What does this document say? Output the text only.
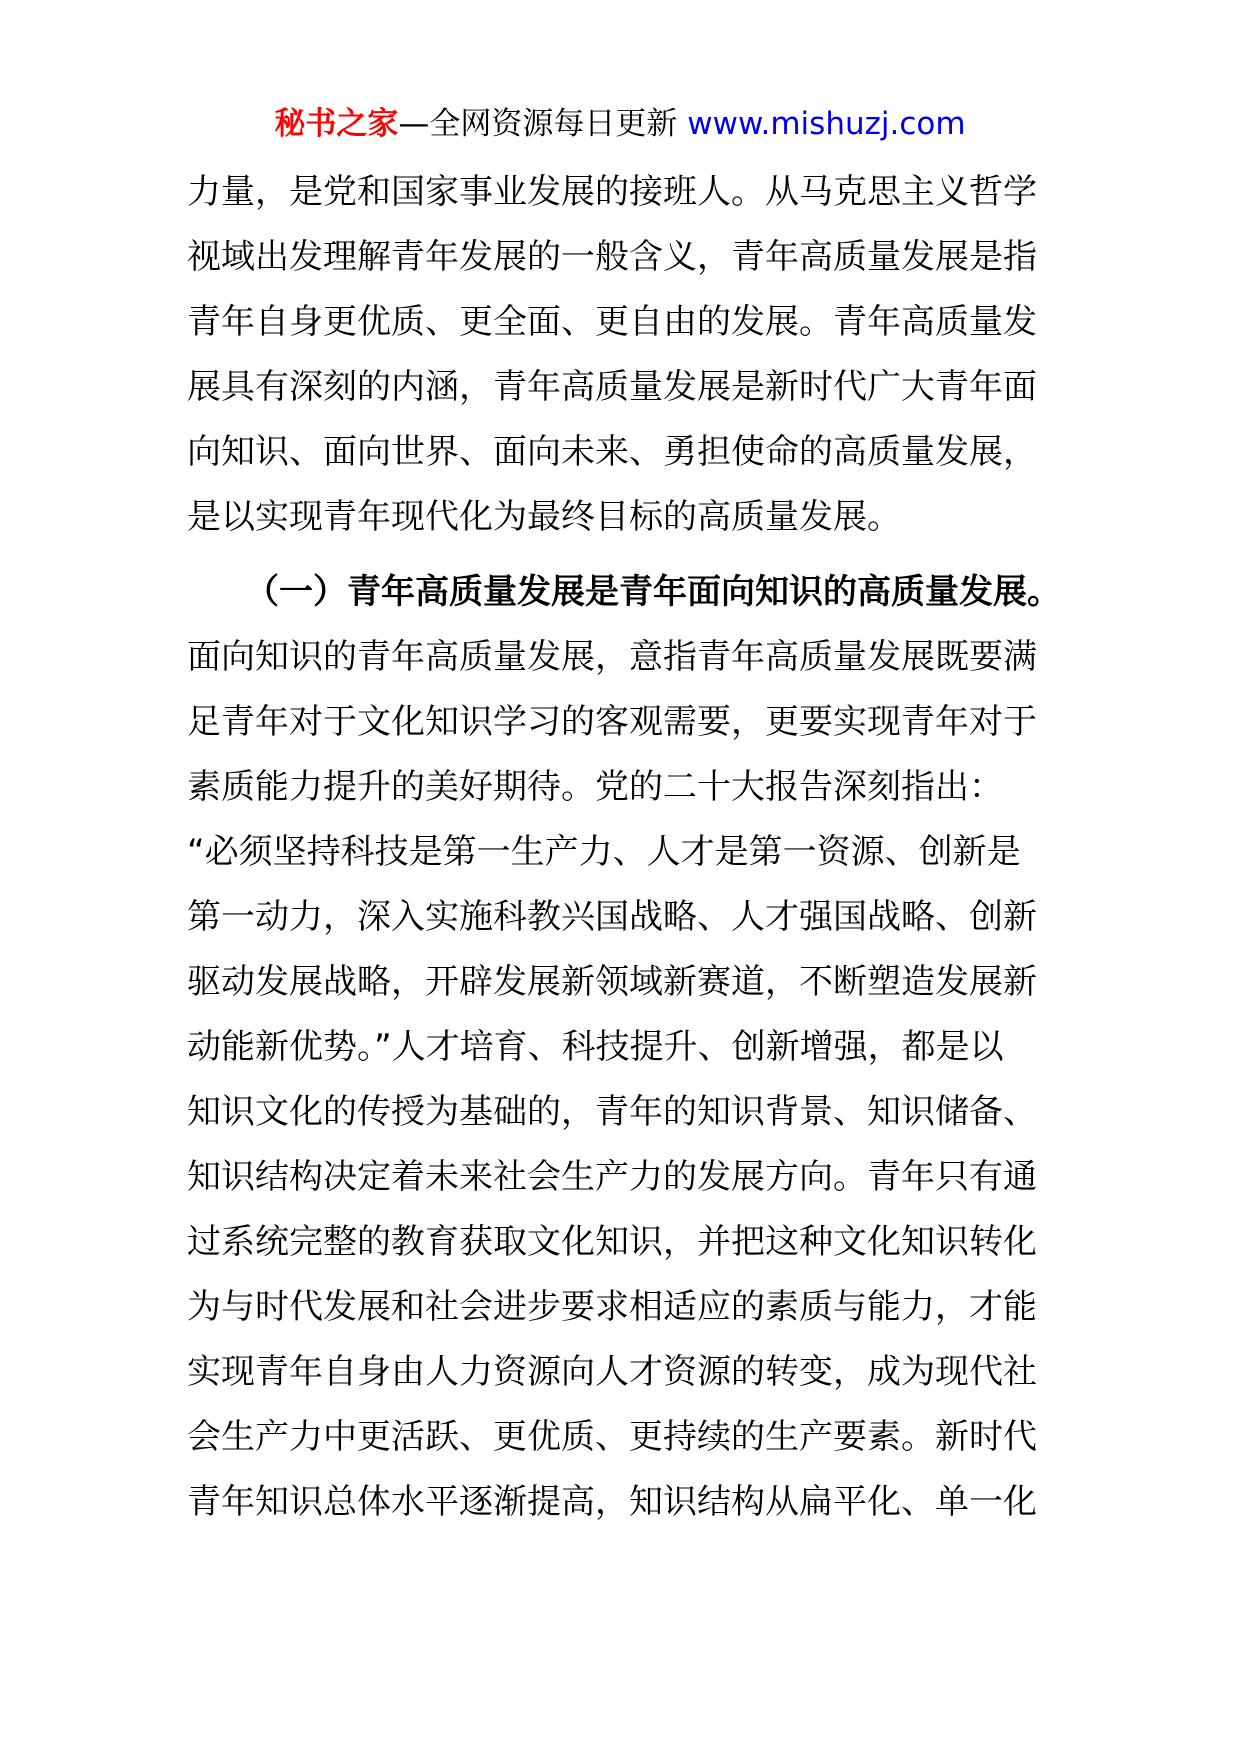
秘书之家—全网资源每日更新 www.mishuzj.com
力量，是党和国家事业发展的接班人。从马克思主义哲学
视域出发理解青年发展的一般含义，青年高质量发展是指
青年自身更优质、更全面、更自由的发展。青年高质量发
展具有深刻的内涵，青年高质量发展是新时代广大青年面
向知识、面向世界、面向未来、勇担使命的高质量发展，
是以实现青年现代化为最终目标的高质量发展。
（一）青年高质量发展是青年面向知识的高质量发展。
面向知识的青年高质量发展，意指青年高质量发展既要满
足青年对于文化知识学习的客观需要，更要实现青年对于
素质能力提升的美好期待。党的二十大报告深刻指出：
“必须坚持科技是第一生产力、人才是第一资源、创新是
第一动力，深入实施科教兴国战略、人才强国战略、创新
驱动发展战略，开辟发展新领域新赛道，不断塑造发展新
动能新优势。”人才培育、科技提升、创新增强，都是以
知识文化的传授为基础的，青年的知识背景、知识储备、
知识结构决定着未来社会生产力的发展方向。青年只有通
过系统完整的教育获取文化知识，并把这种文化知识转化
为与时代发展和社会进步要求相适应的素质与能力，才能
实现青年自身由人力资源向人才资源的转变，成为现代社
会生产力中更活跃、更优质、更持续的生产要素。新时代
青年知识总体水平逐渐提高，知识结构从扁平化、单一化
